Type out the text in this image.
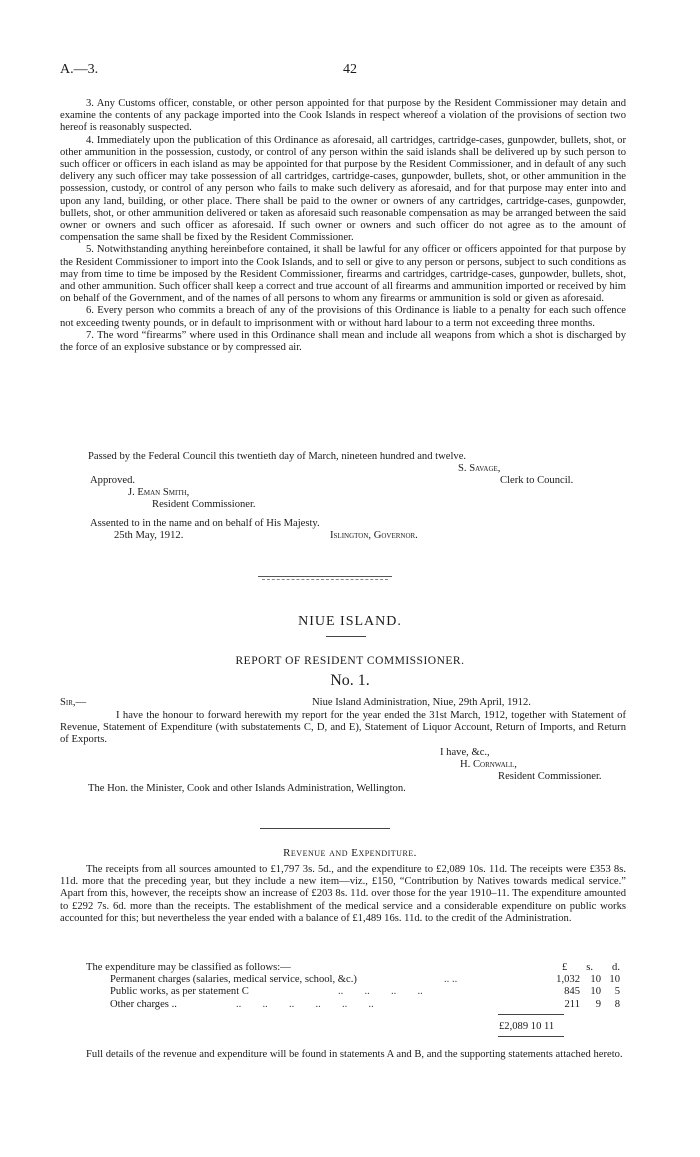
A.—3.	42

3. Any Customs officer, constable, or other person appointed for that purpose by the Resident Commissioner may detain and examine the contents of any package imported into the Cook Islands in respect whereof a violation of the provisions of section two hereof is reasonably suspected.

4. Immediately upon the publication of this Ordinance as aforesaid, all cartridges, cartridge-cases, gunpowder, bullets, shot, or other ammunition in the possession, custody, or control of any person within the said islands shall be delivered up by such person to such officer or officers in each island as may be appointed for that purpose by the Resident Commissioner, and in default of any such delivery any such officer may take possession of all cartridges, cartridge-cases, gunpowder, bullets, shot, or other ammunition in the possession, custody, or control of any person who fails to make such delivery as aforesaid, and for that purpose may enter into and upon any land, building, or other place. There shall be paid to the owner or owners of any cartridges, cartridge-cases, gunpowder, bullets, shot, or other ammunition delivered or taken as aforesaid such reasonable compensation as may be arranged between the said owner or owners and such officer as aforesaid. If such owner or owners and such officer do not agree as to the amount of compensation the same shall be fixed by the Resident Commissioner.

5. Notwithstanding anything hereinbefore contained, it shall be lawful for any officer or officers appointed for that purpose by the Resident Commissioner to import into the Cook Islands, and to sell or give to any person or persons, subject to such conditions as may from time to time be imposed by the Resident Commissioner, firearms and cartridges, cartridge-cases, gunpowder, bullets, shot, and other ammunition. Such officer shall keep a correct and true account of all firearms and ammunition imported or received by him on behalf of the Government, and of the names of all persons to whom any firearms or ammunition is sold or given as aforesaid.

6. Every person who commits a breach of any of the provisions of this Ordinance is liable to a penalty for each such offence not exceeding twenty pounds, or in default to imprisonment with or without hard labour to a term not exceeding three months.

7. The word “firearms” where used in this Ordinance shall mean and include all weapons from which a shot is discharged by the force of an explosive substance or by compressed air.

Passed by the Federal Council this twentieth day of March, nineteen hundred and twelve.
S. Savage,
Approved.	Clerk to Council.
J. Eman Smith,
Resident Commissioner.
Assented to in the name and on behalf of His Majesty.
25th May, 1912.	Islington, Governor.
NIUE ISLAND.
REPORT OF RESIDENT COMMISSIONER.
No. 1.
Sir,—	Niue Island Administration, Niue, 29th April, 1912.

I have the honour to forward herewith my report for the year ended the 31st March, 1912, together with Statement of Revenue, Statement of Expenditure (with substatements C, D, and E), Statement of Liquor Account, Return of Imports, and Return of Exports.

I have, &c.,
H. Cornwall,
Resident Commissioner.
The Hon. the Minister, Cook and other Islands Administration, Wellington.
Revenue and Expenditure.

The receipts from all sources amounted to £1,797 3s. 5d., and the expenditure to £2,089 10s. 11d. The receipts were £353 8s. 11d. more that the preceding year, but they include a new item—viz., £150, “Contribution by Natives towards medical service.” Apart from this, however, the receipts show an increase of £203 8s. 11d. over those for the year 1910–11. The expenditure amounted to £292 7s. 6d. more than the receipts. The establishment of the medical service and a considerable expenditure on public works accounted for this; but nevertheless the year ended with a balance of £1,489 16s. 11d. to the credit of the Administration.

The expenditure may be classified as follows:—	£ s. d.
Permanent charges (salaries, medical service, school, &c.)	.. ..	1,032 10 10
Public works, as per statement C	..        ..        ..        ..	845 10	5
Other charges ..	..        ..        ..        ..        ..        ..	211	9	8
£2,089 10 11

Full details of the revenue and expenditure will be found in statements A and B, and the supporting statements attached hereto.
